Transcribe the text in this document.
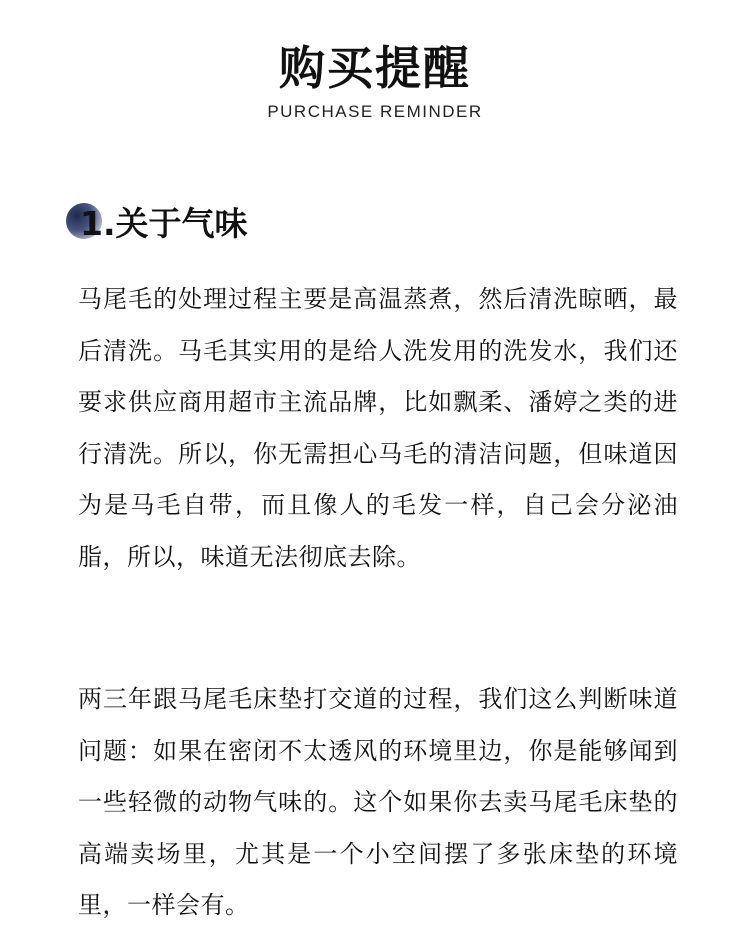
购买提醒
PURCHASE REMINDER
1.关于气味
马尾毛的处理过程主要是高温蒸煮，然后清洗晾晒，最后清洗。马毛其实用的是给人洗发用的洗发水，我们还要求供应商用超市主流品牌，比如飘柔、潘婷之类的进行清洗。所以，你无需担心马毛的清洁问题，但味道因为是马毛自带，而且像人的毛发一样，自己会分泌油脂，所以，味道无法彻底去除。
两三年跟马尾毛床垫打交道的过程，我们这么判断味道问题：如果在密闭不太透风的环境里边，你是能够闻到一些轻微的动物气味的。这个如果你去卖马尾毛床垫的高端卖场里，尤其是一个小空间摆了多张床垫的环境里，一样会有。
